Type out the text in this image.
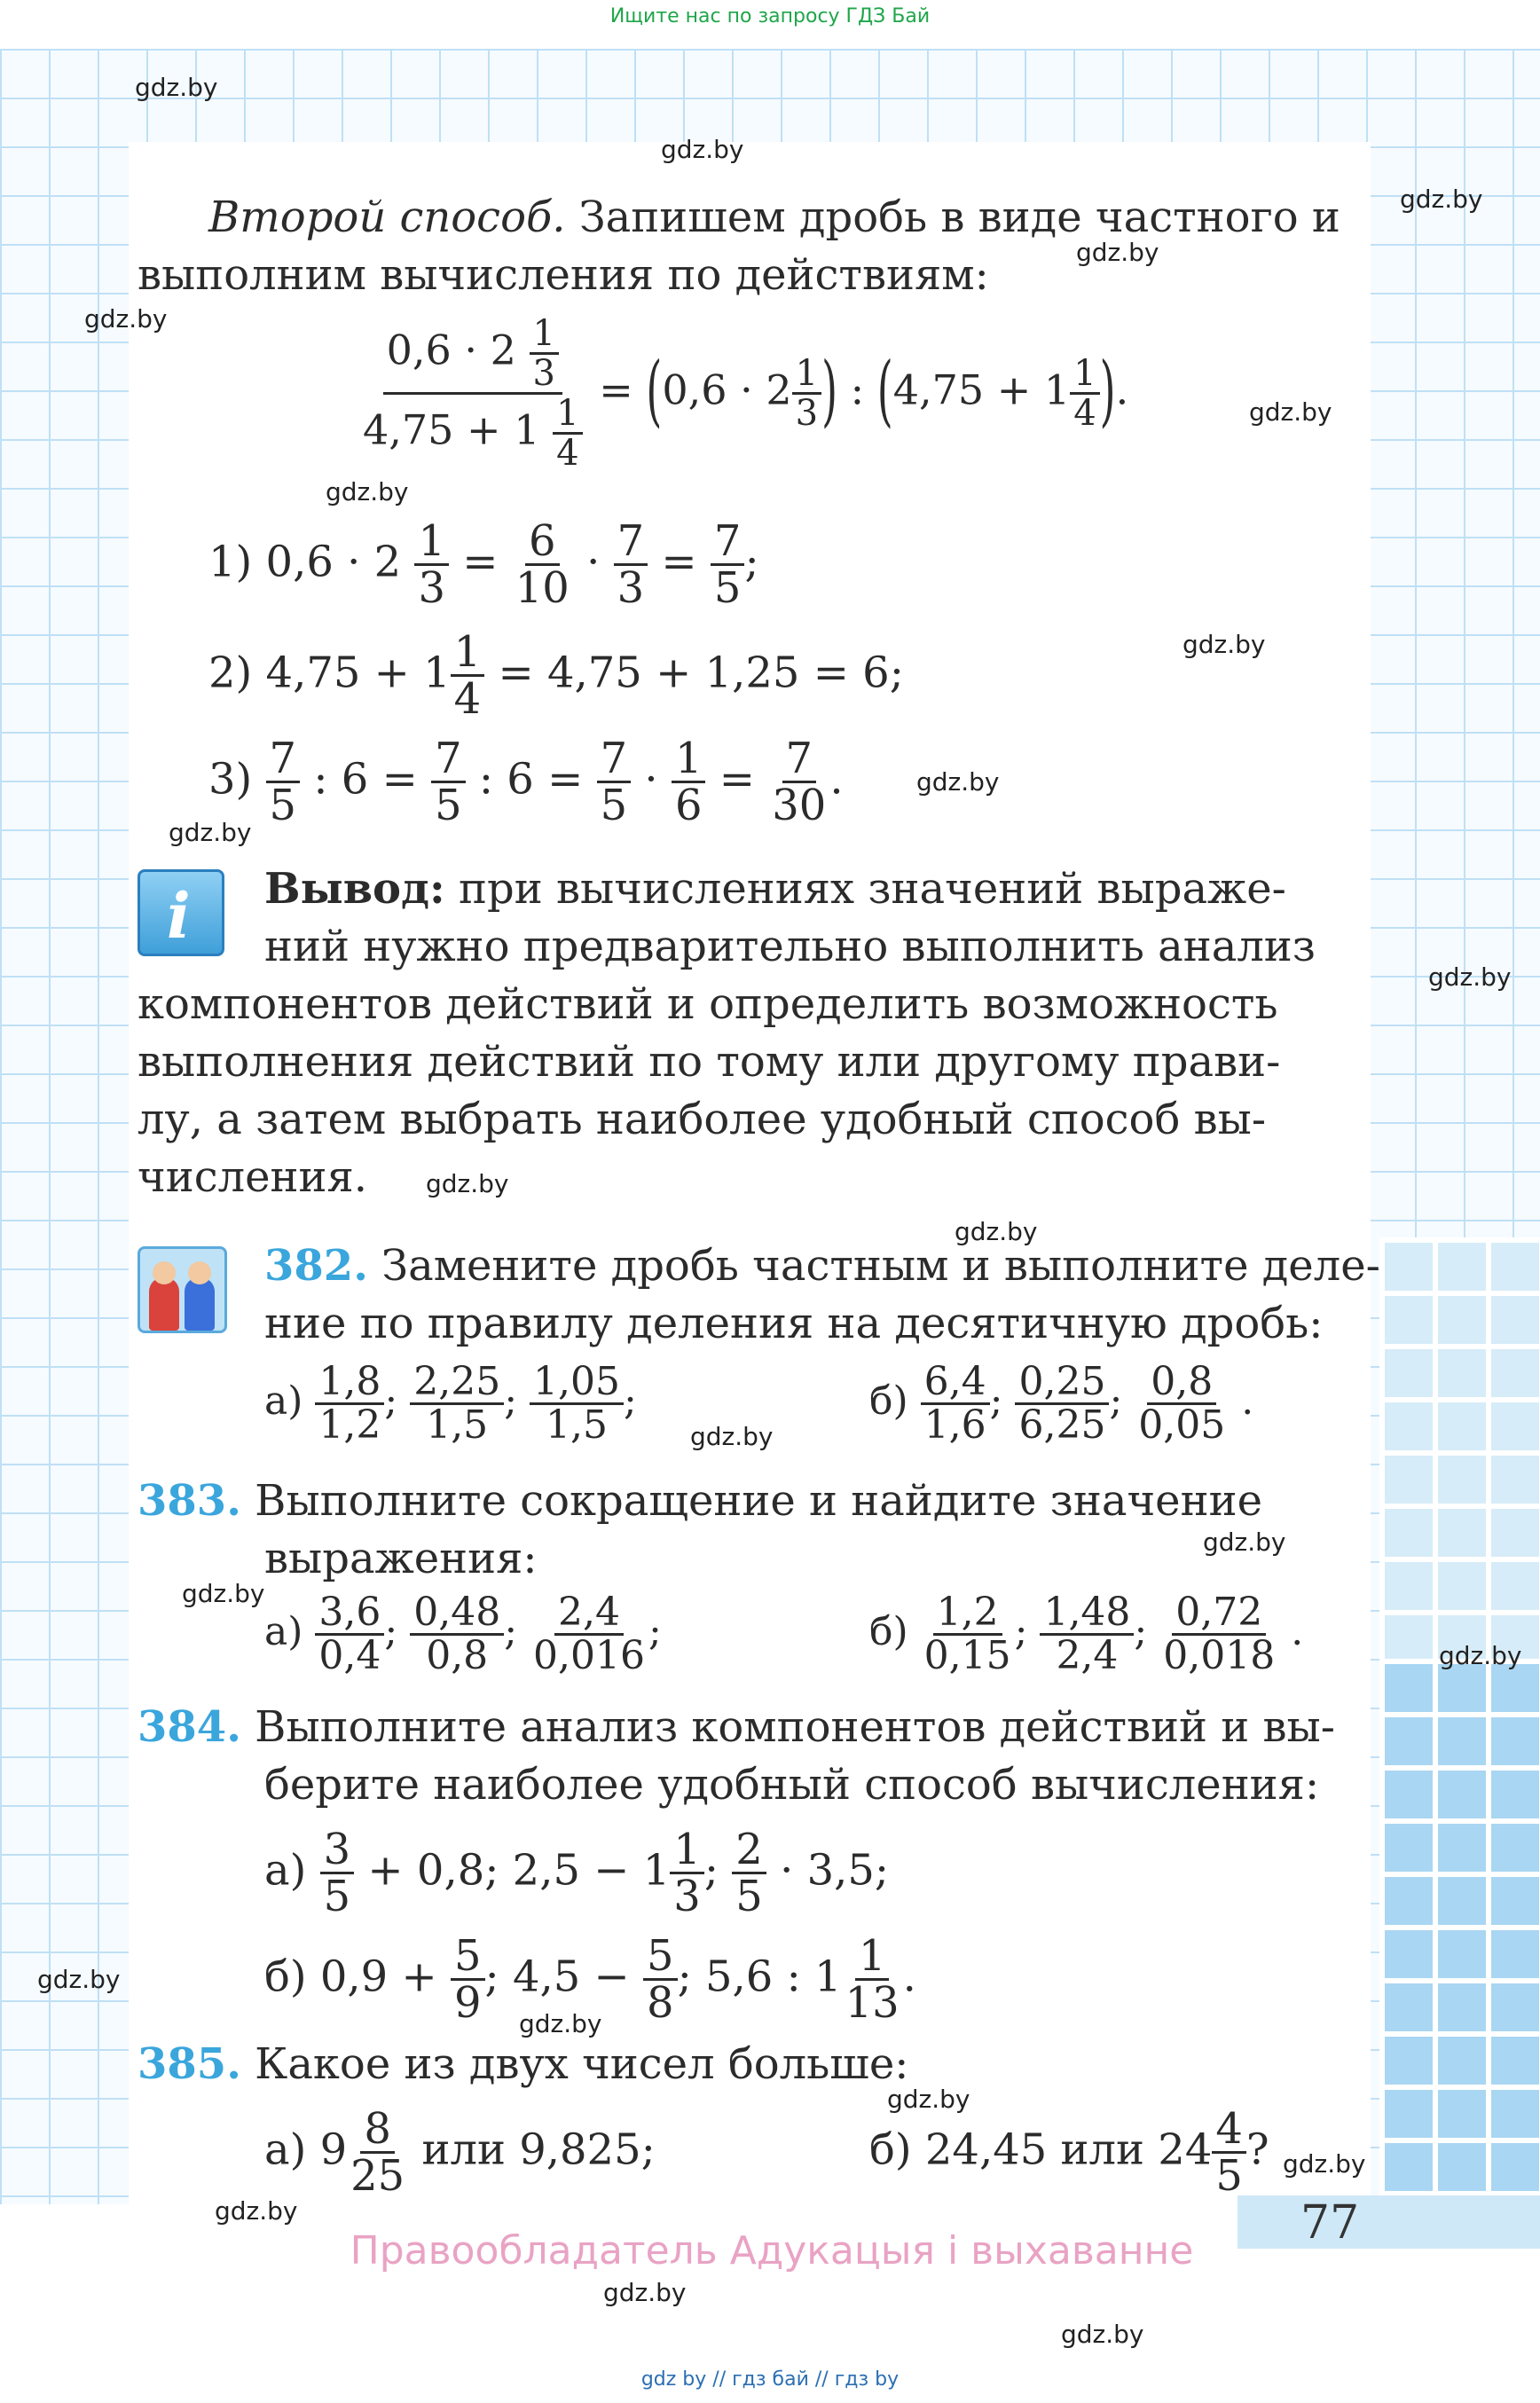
77
Ищите нас по запросу ГДЗ Бай
gdz.by
gdz.by
gdz.by
gdz.by
gdz.by
gdz.by
gdz.by
gdz.by
gdz.by
gdz.by
gdz.by
gdz.by
gdz.by
gdz.by
gdz.by
gdz.by
gdz.by
gdz.by
gdz.by
gdz.by
gdz.by
gdz.by
gdz.by
gdz.by
Второй способ. Запишем дробь в виде частного и
выполним вычисления по действиям:
$\frac{0,6 \cdot 2 \frac{1}{3}}{4,75 + 1 \frac{1}{4}} = (0,6 \cdot 2 \frac{1}{3}$ ) : ($4,75 + 1 \frac{1}{4}$ ).
1) $0,6 \cdot 2 \frac{1}{3} = \frac{6}{10} \cdot \frac{7}{3} = \frac{7}{5}$ ;
2) $4,75 + 1 \frac{1}{4} = 4,75 + 1,25 = 6$;
$3) \frac{7}{5}$ : $6 = \frac{7}{5}$ : $6 = \frac{7}{5} \cdot \frac{1}{6} = \frac{7}{30}$ .
i Вывод: при вычислениях значений выраже-
ний нужно предварительно выполнить анализ
компонентов действий и определить возможность
выполнения действий по тому или другому прави-
лу, а затем выбрать наиболее удобный способ вы-
числения.
382. Замените дробь частным и выполните деле-
ние по правилу деления на десятичную дробь:
$а) \frac{1,8}{1,2}$ ; $\frac{2,25}{1,5}$ ; $\frac{1,05}{1,5}$ ;	$б) \frac{6,4}{1,6}$ ; $\frac{0,25}{6,25}$ ; $\frac{0,8}{0,05}$ .
383. Выполните сокращение и найдите значение
выражения:
$а) \frac{3,6}{0,4}$ ; $\frac{0,48}{0,8}$ ; $\frac{2,4}{0,016}$ ;	$б) \frac{1,2}{0,15}$ ; $\frac{1,48}{2,4}$ ; $\frac{0,72}{0,018}$ .
384. Выполните анализ компонентов действий и вы-
берите наиболее удобный способ вычисления:
$а) \frac{3}{5} + 0,8$; $2,5 - 1 \frac{1}{3}$ ; $\frac{2}{5} \cdot 3,5$;
б) $0,9 + \frac{5}{9}$ ; $4,5 - \frac{5}{8}$ ; 5,6 : $1 \frac{1}{13}$ .
385. Какое из двух чисел больше:
а) $9 \frac{8}{25}$ или 9,825;	б) 24,45 или $24 \frac{4}{5}$ ?
Правообладатель Адукацыя і выхаванне
gdz by // гдз бай // гдз by
